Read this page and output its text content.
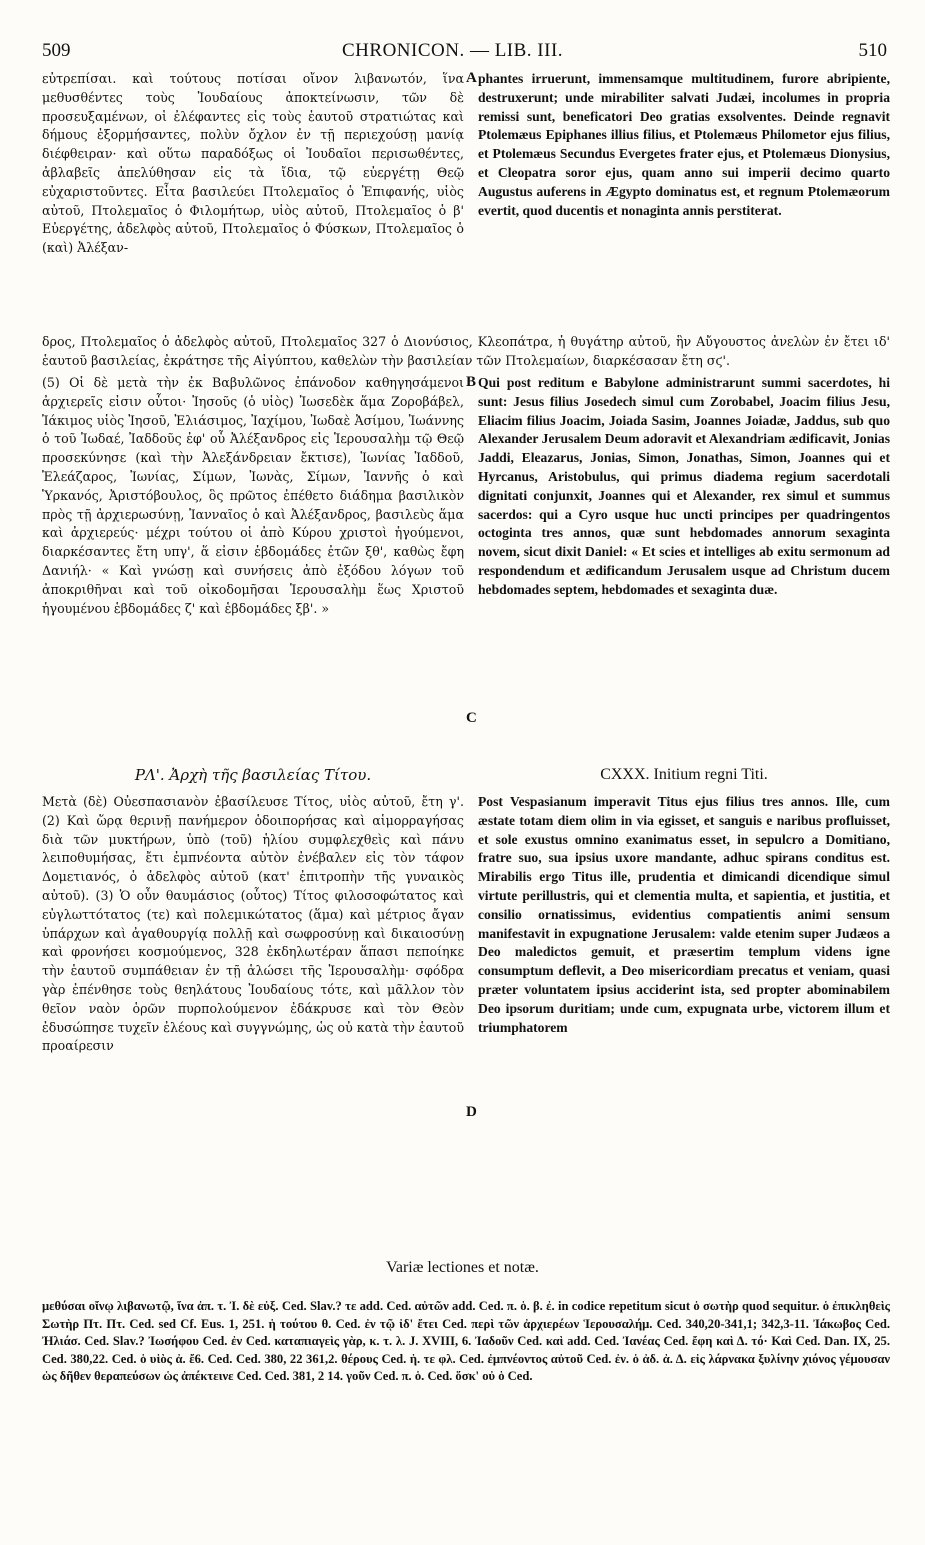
509	CHRONICON. — LIB. III.	510
εὐτρεπίσαι. καὶ τούτους ποτίσαι οἴνον λιβανωτόν, ἵνα μεθυσθέντες τοὺς Ἰουδαίους ἀποκτείνωσιν, τῶν δὲ προσευξαμένων, οἱ ἐλέφαντες εἰς τοὺς ἑαυτοῦ στρατιώτας καὶ δήμους ἐξορμήσαντες, πολὺν ὄχλον ἐν τῇ περιεχούσῃ μανίᾳ διέφθειραν· καὶ οὕτω παραδόξως οἱ Ἰουδαῖοι περισωθέντες, ἀβλαβεῖς ἀπελύθησαν εἰς τὰ ἴδια, τῷ εὐεργέτῃ Θεῷ εὐχαριστοῦντες. Εἶτα βασιλεύει Πτολεμαῖος ὁ Ἐπιφανής, υἱὸς αὐτοῦ, Πτολεμαῖος ὁ Φιλομήτωρ, υἱὸς αὐτοῦ, Πτολεμαῖος ὁ β' Εὐεργέτης, ἀδελφὸς αὐτοῦ, Πτολεμαῖος ὁ Φύσκων, Πτολεμαῖος ὁ (καὶ) Ἀλέξαν-
phantes irruerunt, immensamque multitudinem, furore abripiente, destruxerunt; unde mirabiliter salvati Judæi, incolumes in propria remissi sunt, beneficatori Deo gratias exsolventes. Deinde regnavit Ptolemæus Epiphanes illius filius, et Ptolemæus Philometor ejus filius, et Ptolemæus Secundus Evergetes frater ejus, et Ptolemæus Dionysius, et Cleopatra soror ejus, quam anno sui imperii decimo quarto Augustus auferens in Ægypto dominatus est, et regnum Ptolemæorum evertit, quod ducentis et nonaginta annis perstiterat.
A
δρος, Πτολεμαῖος ὁ ἀδελφὸς αὐτοῦ, Πτολεμαῖος 327 ὁ Διονύσιος, Κλεοπάτρα, ἡ θυγάτηρ αὐτοῦ, ἣν Αὔγουστος ἀνελὼν ἐν ἔτει ιδ' ἑαυτοῦ βασιλείας, ἐκράτησε τῆς Αἰγύπτου, καθελὼν τὴν βασιλείαν τῶν Πτολεμαίων, διαρκέσασαν ἔτη σϛ'.
B
(5) Οἱ δὲ μετὰ τὴν ἐκ Βαβυλῶνος ἐπάνοδον καθηγησάμενοι ἀρχιερεῖς εἰσιν οὗτοι· Ἰησοῦς (ὁ υἱὸς) Ἰωσεδὲκ ἅμα Ζοροβάβελ, Ἰάκιμος υἱὸς Ἰησοῦ, Ἐλιάσιμος, Ἰαχίμου, Ἰωδαὲ Ἀσίμου, Ἰωάννης ὁ τοῦ Ἰωδαέ, Ἰαδδοῦς ἐφ' οὗ Ἀλέξανδρος εἰς Ἱερουσαλὴμ τῷ Θεῷ προσεκύνησε (καὶ τὴν Ἀλεξάνδρειαν ἔκτισε), Ἰωνίας Ἰαδδοῦ, Ἐλεάζαρος, Ἰωνίας, Σίμων, Ἰωνὰς, Σίμων, Ἰαννῆς ὁ καὶ Ὑρκανός, Ἀριστόβουλος, ὃς πρῶτος ἐπέθετο διάδημα βασιλικὸν πρὸς τῇ ἀρχιερωσύνῃ, Ἰανναῖος ὁ καὶ Ἀλέξανδρος, βασιλεὺς ἅμα καὶ ἀρχιερεύς· μέχρι τούτου οἱ ἀπὸ Κύρου χριστοὶ ἡγούμενοι, διαρκέσαντες ἔτη υπγ', ἅ εἰσιν ἑβδομάδες ἐτῶν ξθ', καθὼς ἔφη Δανιήλ· « Καὶ γνώσῃ καὶ συνήσεις ἀπὸ ἐξόδου λόγων τοῦ ἀποκριθῆναι καὶ τοῦ οἰκοδομῆσαι Ἱερουσαλὴμ ἕως Χριστοῦ ἡγουμένου ἑβδομάδες ζ' καὶ ἑβδομάδες ξβ'. »
Qui post reditum e Babylone administrarunt summi sacerdotes, hi sunt: Jesus filius Josedech simul cum Zorobabel, Joacim filius Jesu, Eliacim filius Joacim, Joiada Sasim, Joannes Joiadæ, Jaddus, sub quo Alexander Jerusalem Deum adoravit et Alexandriam ædificavit, Jonias Jaddi, Eleazarus, Jonias, Simon, Jonathas, Simon, Joannes qui et Hyrcanus, Aristobulus, qui primus diadema regium sacerdotali dignitati conjunxit, Joannes qui et Alexander, rex simul et summus sacerdos: qui a Cyro usque huc uncti principes per quadringentos octoginta tres annos, quæ sunt hebdomades annorum sexaginta novem, sicut dixit Daniel: « Et scies et intelliges ab exitu sermonum ad respondendum et ædificandum Jerusalem usque ad Christum ducem hebdomades septem, hebdomades et sexaginta duæ.
C
ΡΛ'. Ἀρχὴ τῆς βασιλείας Τίτου.	CXXX. Initium regni Titi.
Μετὰ (δὲ) Οὐεσπασιανὸν ἐβασίλευσε Τίτος, υἱὸς αὐτοῦ, ἔτη γ'. (2) Καὶ ὥρᾳ θερινῇ πανήμερον ὁδοιπορήσας καὶ αἱμορραγήσας διὰ τῶν μυκτήρων, ὑπὸ (τοῦ) ἡλίου συμφλεχθεὶς καὶ πάνυ λειποθυμήσας, ἔτι ἐμπνέοντα αὐτὸν ἐνέβαλεν εἰς τὸν τάφον Δομετιανός, ὁ ἀδελφὸς αὐτοῦ (κατ' ἐπιτροπὴν τῆς γυναικὸς αὐτοῦ). (3) Ὁ οὖν θαυμάσιος (οὗτος) Τίτος φιλοσοφώτατος καὶ εὐγλωττότατος (τε) καὶ πολεμικώτατος (ἅμα) καὶ μέτριος ἄγαν ὑπάρχων καὶ ἀγαθουργίᾳ πολλῇ καὶ σωφροσύνῃ καὶ δικαιοσύνῃ καὶ φρονήσει κοσμούμενος, 328 ἐκδηλωτέραν ἅπασι πεποίηκε τὴν ἑαυτοῦ συμπάθειαν ἐν τῇ ἁλώσει τῆς Ἱερουσαλὴμ· σφόδρα γὰρ ἐπένθησε τοὺς θεηλάτους Ἰουδαίους τότε, καὶ μᾶλλον τὸν θεῖον ναὸν ὁρῶν πυρπολούμενον ἐδάκρυσε καὶ τὸν Θεὸν ἐδυσώπησε τυχεῖν ἐλέους καὶ συγγνώμης, ὡς οὐ κατὰ τὴν ἑαυτοῦ προαίρεσιν
Post Vespasianum imperavit Titus ejus filius tres annos. Ille, cum æstate totam diem olim in via egisset, et sanguis e naribus profluisset, et sole exustus omnino exanimatus esset, in sepulcro a Domitiano, fratre suo, sua ipsius uxore mandante, adhuc spirans conditus est. Mirabilis ergo Titus ille, prudentia et dimicandi dicendique simul virtute perillustris, qui et clementia multa, et sapientia, et justitia, et consilio ornatissimus, evidentius compatientis animi sensum manifestavit in expugnatione Jerusalem: valde etenim super Judæos a Deo maledictos gemuit, et præsertim templum videns igne consumptum deflevit, a Deo misericordiam precatus et veniam, quasi præter voluntatem ipsius acciderint ista, sed propter abominabilem Deo ipsorum duritiam; unde cum, expugnata urbe, victorem illum et triumphatorem
D
Variæ lectiones et notæ.
μεθύσαι οἴνῳ λιβανωτῷ, ἵνα ἀπ. τ. Ἰ. δὲ εὐξ. Ced. Slav.? τε add. Ced. αὐτῶν add. Ced. π. ὁ. β. ἐ. in codice repetitum sicut ὁ σωτὴρ quod sequitur. ὁ ἐπικληθεὶς Σωτὴρ Πτ. Πτ. Ced. sed Cf. Eus. 1, 251. ἡ τούτου θ. Ced. ἐν τῷ ἰδ' ἔτει Ced. περὶ τῶν ἀρχιερέων Ἱερουσαλήμ. Ced. 340,20-341,1; 342,3-11. Ἰάκωβος Ced. Ἠλιάσ. Ced. Slav.? Ἰωσήφου Ced. ἐν Ced. καταπιαγεὶς γὰρ, κ. τ. λ. J. XVIII, 6. Ἰαδοῦν Ced. καὶ add. Ced. Ἰανέας Ced. ἔφη καὶ Δ. τό· Καὶ Ced. Dan. IX, 25. Ced. 380,22. Ced. ὁ υἱὸς ἀ. ἔ6. Ced. Ced. 380, 22 361,2. θέρους Ced. ἡ. τε φλ. Ced. ἐμπνέοντος αὐτοῦ Ced. ἐν. ὁ ἀδ. ἀ. Δ. εἰς λάρνακα ξυλίνην χιόνος γέμουσαν ὡς δῆθεν θεραπεύσων ὡς ἀπέκτεινε Ced. Ced. 381, 2 14. γοῦν Ced. π. ὁ. Ced. ὅσκ' οὐ ὁ Ced.
